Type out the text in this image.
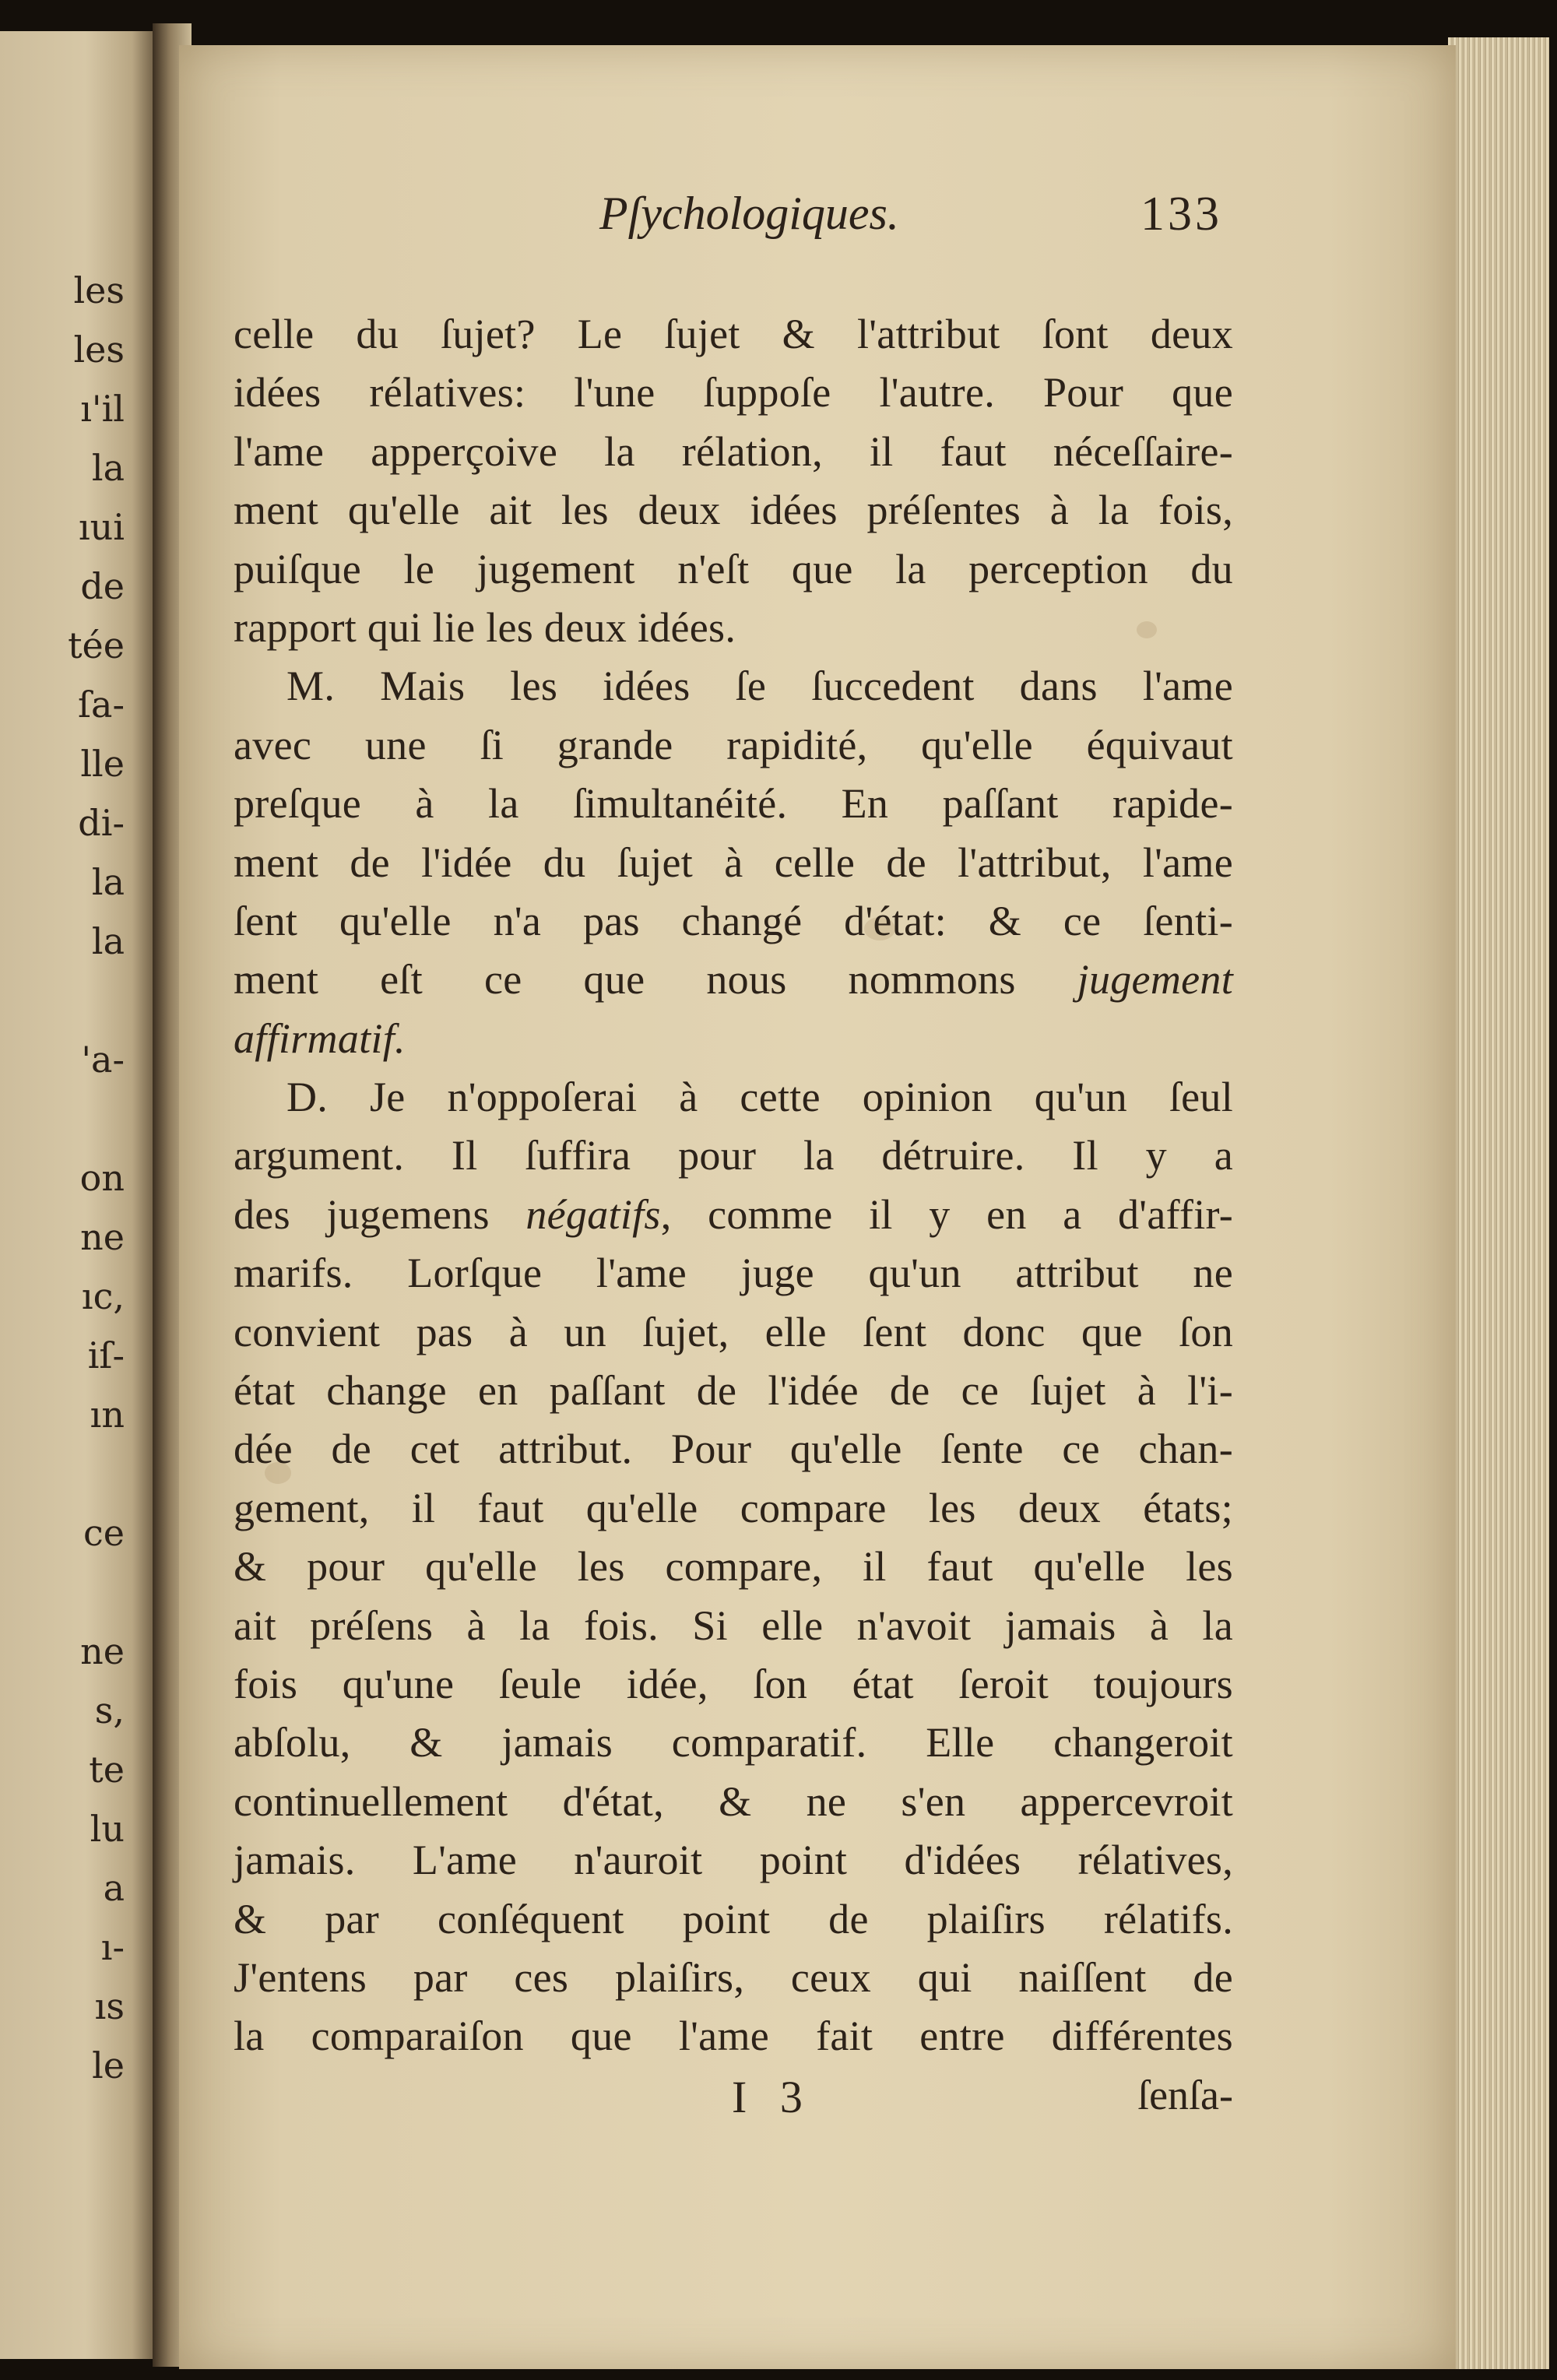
les
les
ı'il
la
ıui
de
tée
ſa-
lle
di-
la
la
'a-
on
ne
ıc,
iſ-
ın
ce
ne
s,
te
lu
a
ı-
ıs
le
Pſychologiques.	133
celle du ſujet? Le ſujet & l'attribut ſont deux
idées rélatives: l'une ſuppoſe l'autre. Pour que
l'ame apperçoive la rélation, il faut néceſſaire-
ment qu'elle ait les deux idées préſentes à la fois,
puiſque le jugement n'eſt que la perception du
rapport qui lie les deux idées.
M. Mais les idées ſe ſuccedent dans l'ame
avec une ſi grande rapidité, qu'elle équivaut
preſque à la ſimultanéité. En paſſant rapide-
ment de l'idée du ſujet à celle de l'attribut, l'ame
ſent qu'elle n'a pas changé d'état: & ce ſenti-
ment eſt ce que nous nommons jugement
affirmatif.
D. Je n'oppoſerai à cette opinion qu'un ſeul
argument. Il ſuffira pour la détruire. Il y a
des jugemens négatifs, comme il y en a d'affir-
marifs. Lorſque l'ame juge qu'un attribut ne
convient pas à un ſujet, elle ſent donc que ſon
état change en paſſant de l'idée de ce ſujet à l'i-
dée de cet attribut. Pour qu'elle ſente ce chan-
gement, il faut qu'elle compare les deux états;
& pour qu'elle les compare, il faut qu'elle les
ait préſens à la fois. Si elle n'avoit jamais à la
fois qu'une ſeule idée, ſon état ſeroit toujours
abſolu, & jamais comparatif. Elle changeroit
continuellement d'état, & ne s'en appercevroit
jamais. L'ame n'auroit point d'idées rélatives,
& par conſéquent point de plaiſirs rélatifs.
J'entens par ces plaiſirs, ceux qui naiſſent de
la comparaiſon que l'ame fait entre différentes
I 3	ſenſa-
